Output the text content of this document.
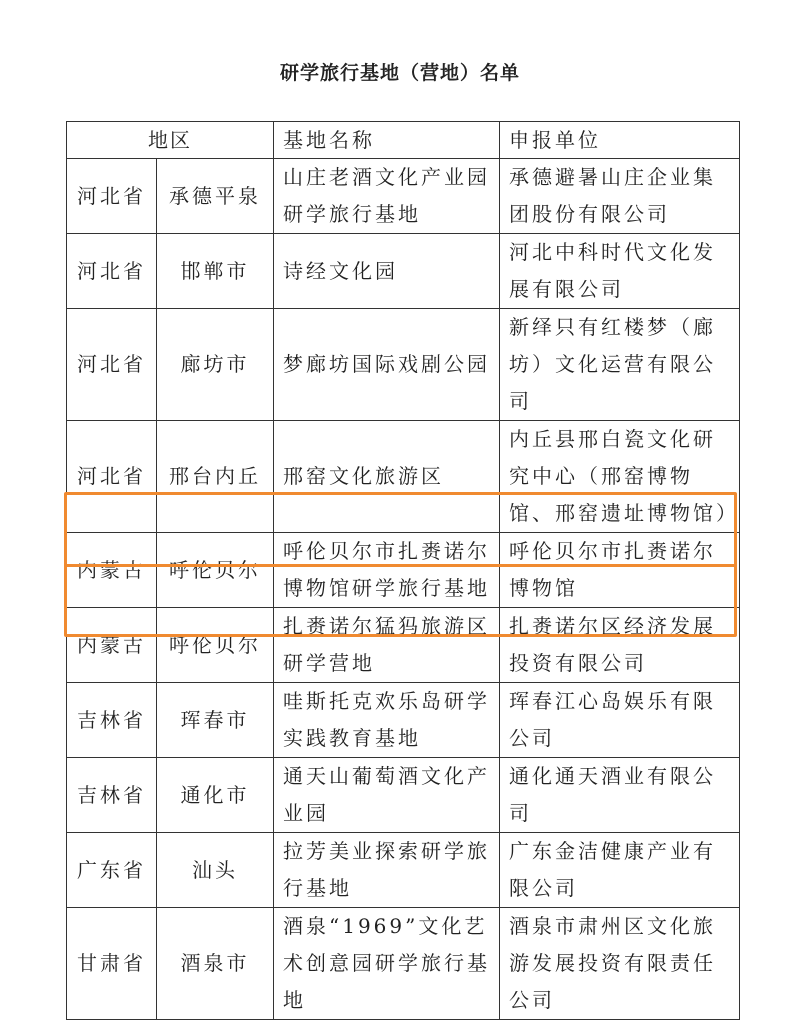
研学旅行基地（营地）名单
地区		基地名称	申报单位
河北省	承德平泉	山庄老酒文化产业园研学旅行基地	承德避暑山庄企业集团股份有限公司
河北省	邯郸市	诗经文化园	河北中科时代文化发展有限公司
河北省	廊坊市	梦廊坊国际戏剧公园	新绎只有红楼梦（廊坊）文化运营有限公司
河北省	邢台内丘	邢窑文化旅游区	内丘县邢白瓷文化研究中心（邢窑博物馆、邢窑遗址博物馆）
内蒙古	呼伦贝尔	呼伦贝尔市扎赉诺尔博物馆研学旅行基地	呼伦贝尔市扎赉诺尔博物馆
内蒙古	呼伦贝尔	扎赉诺尔猛犸旅游区研学营地	扎赉诺尔区经济发展投资有限公司
吉林省	珲春市	哇斯托克欢乐岛研学实践教育基地	珲春江心岛娱乐有限公司
吉林省	通化市	通天山葡萄酒文化产业园	通化通天酒业有限公司
广东省	汕头	拉芳美业探索研学旅行基地	广东金洁健康产业有限公司
甘肃省	酒泉市	酒泉“1969”文化艺术创意园研学旅行基地	酒泉市肃州区文化旅游发展投资有限责任公司
